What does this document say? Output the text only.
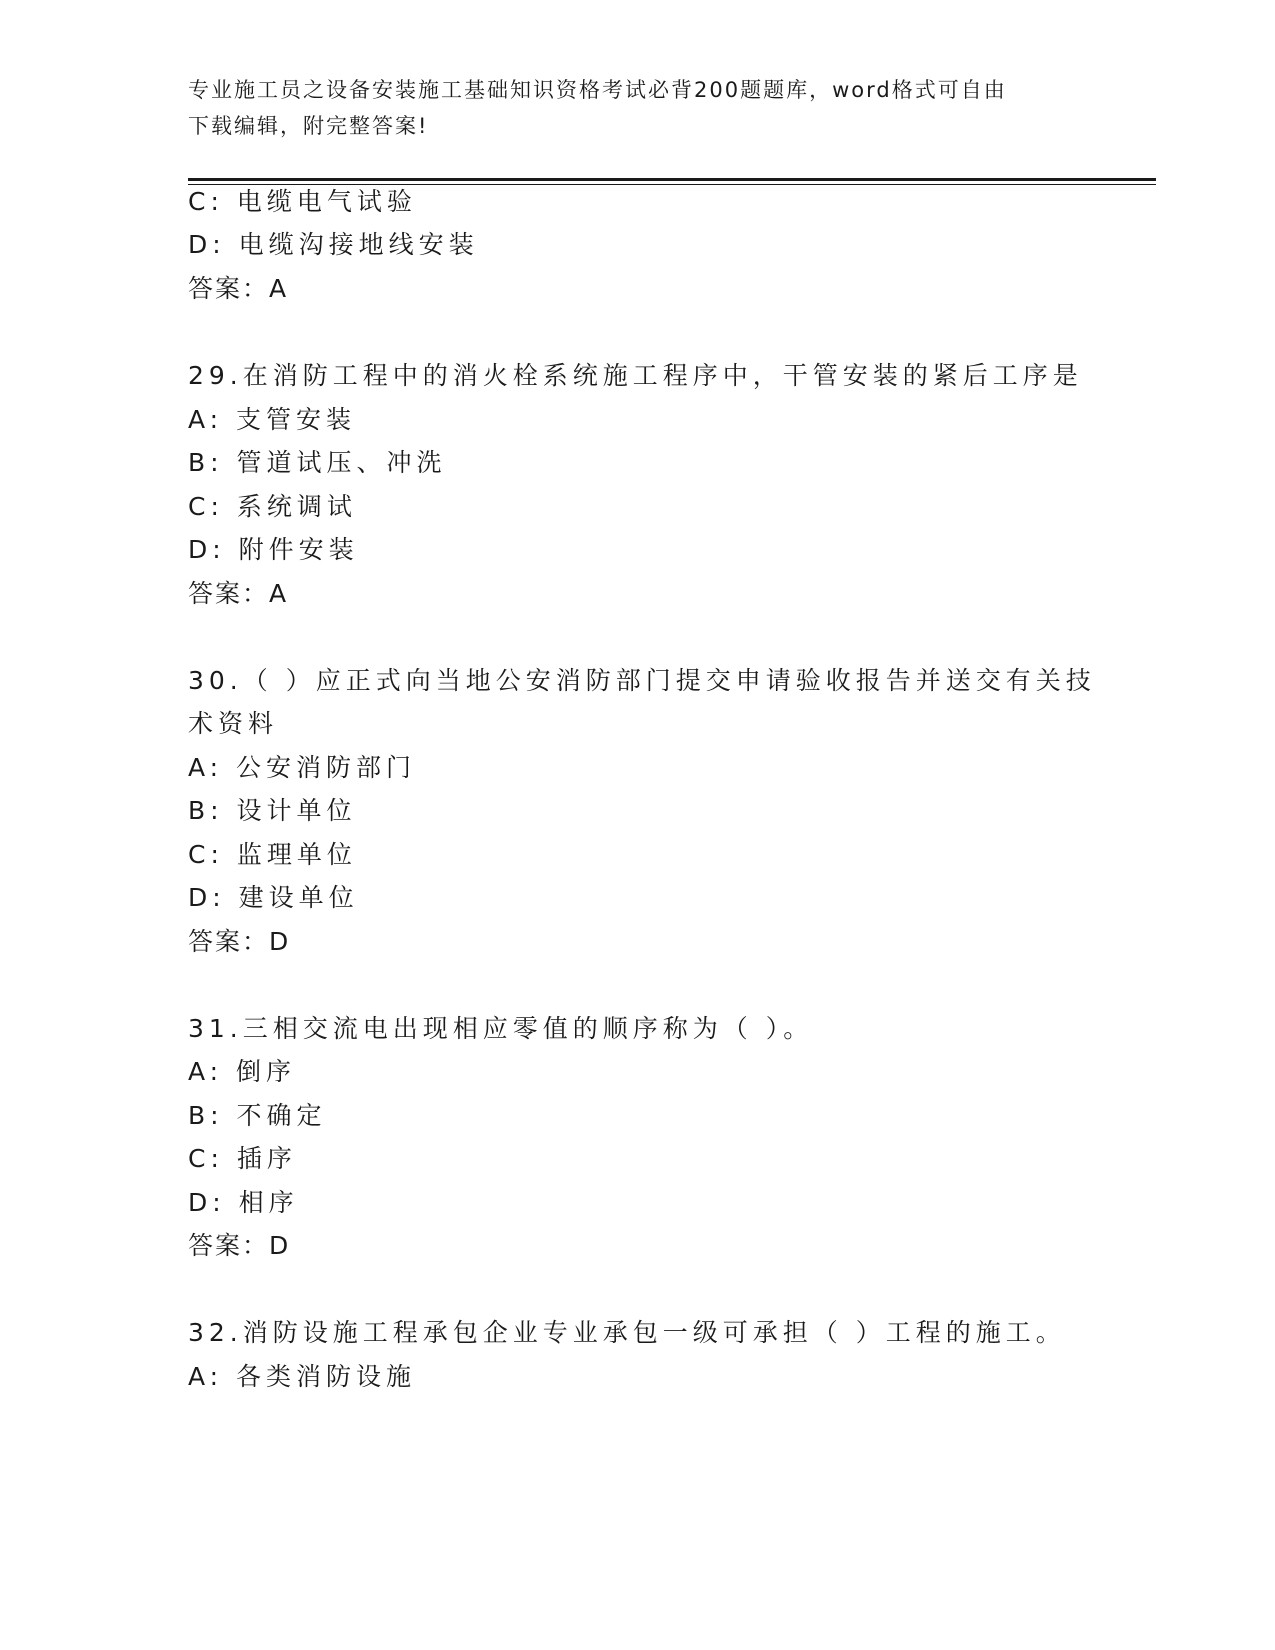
专业施工员之设备安装施工基础知识资格考试必背200题题库，word格式可自由
下载编辑，附完整答案!
C: 电缆电气试验
D: 电缆沟接地线安装
答案：A
29.在消防工程中的消火栓系统施工程序中，干管安装的紧后工序是
A: 支管安装
B: 管道试压、冲洗
C: 系统调试
D: 附件安装
答案：A
30.（ ）应正式向当地公安消防部门提交申请验收报告并送交有关技
术资料
A: 公安消防部门
B: 设计单位
C: 监理单位
D: 建设单位
答案：D
31.三相交流电出现相应零值的顺序称为（ ）。
A: 倒序
B: 不确定
C: 插序
D: 相序
答案：D
32.消防设施工程承包企业专业承包一级可承担（ ）工程的施工。
A: 各类消防设施
